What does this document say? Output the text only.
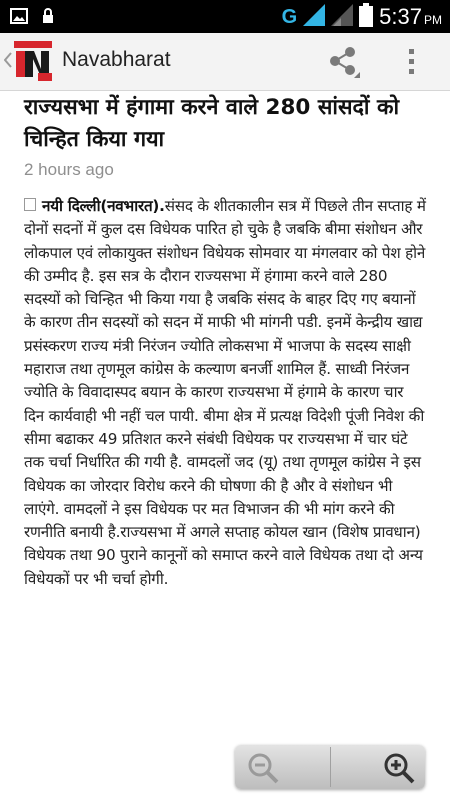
G	5:37 PM
Navabharat
राज्यसभा में हंगामा करने वाले 280 सांसदों को चिन्हित किया गया
2 hours ago
नयी दिल्ली(नवभारत).संसद के शीतकालीन सत्र में पिछले तीन सप्ताह में दोनों सदनों में कुल दस विधेयक पारित हो चुके है जबकि बीमा संशोधन और लोकपाल एवं लोकायुक्त संशोधन विधेयक सोमवार या मंगलवार को पेश होने की उम्मीद है. इस सत्र के दौरान राज्यसभा में हंगामा करने वाले 280 सदस्यों को चिन्हित भी किया गया है जबकि संसद के बाहर दिए गए बयानों के कारण तीन सदस्यों को सदन में माफी भी मांगनी पडी. इनमें केन्द्रीय खाद्य प्रसंस्करण राज्य मंत्री निरंजन ज्योति लोकसभा में भाजपा के सदस्य साक्षी महाराज तथा तृणमूल कांग्रेस के कल्याण बनर्जी शामिल हैं. साध्वी निरंजन ज्योति के विवादास्पद बयान के कारण राज्यसभा में हंगामे के कारण चार दिन कार्यवाही भी नहीं चल पायी. बीमा क्षेत्र में प्रत्यक्ष विदेशी पूंजी निवेश की सीमा बढाकर 49 प्रतिशत करने संबंधी विधेयक पर राज्यसभा में चार घंटे तक चर्चा निर्धारित की गयी है. वामदलों जद (यू) तथा तृणमूल कांग्रेस ने इस विधेयक का जोरदार विरोध करने की घोषणा की है और वे संशोधन भी लाएंगे. वामदलों ने इस विधेयक पर मत विभाजन की भी मांग करने की रणनीति बनायी है.राज्यसभा में अगले सप्ताह कोयल खान (विशेष प्रावधान) विधेयक तथा 90 पुराने कानूनों को समाप्त करने वाले विधेयक तथा दो अन्य विधेयकों पर भी चर्चा होगी.
